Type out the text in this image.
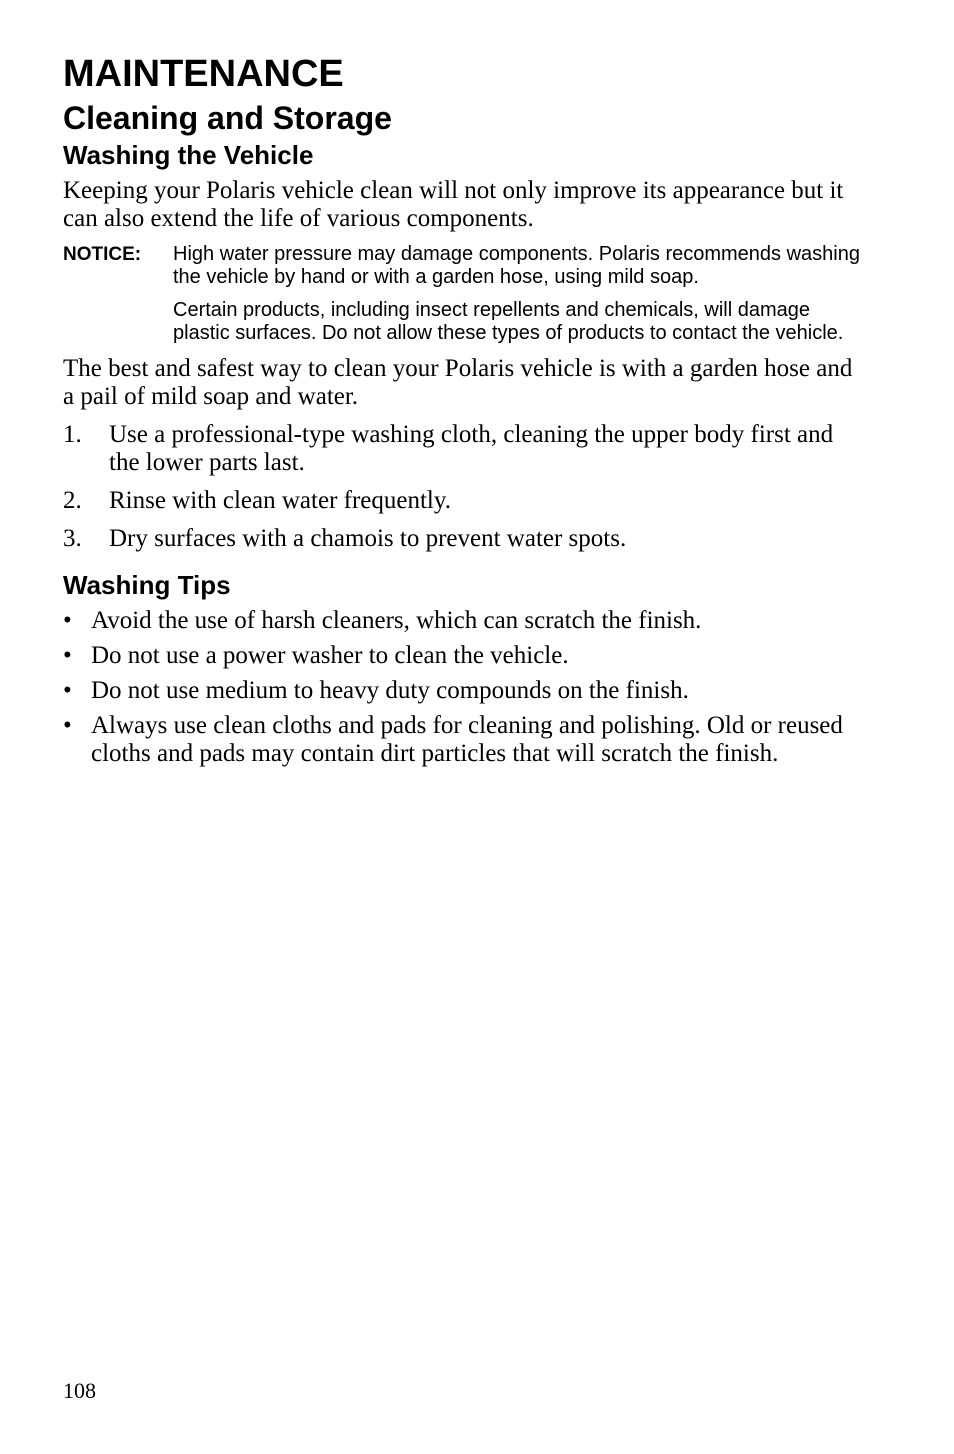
MAINTENANCE
Cleaning and Storage
Washing the Vehicle

Keeping your Polaris vehicle clean will not only improve its appearance but it can also extend the life of various components.

NOTICE:	High water pressure may damage components. Polaris recommends washing the vehicle by hand or with a garden hose, using mild soap.

Certain products, including insect repellents and chemicals, will damage plastic surfaces. Do not allow these types of products to contact the vehicle.

The best and safest way to clean your Polaris vehicle is with a garden hose and a pail of mild soap and water.

1.	Use a professional-type washing cloth, cleaning the upper body first and the lower parts last.
2.	Rinse with clean water frequently.
3.	Dry surfaces with a chamois to prevent water spots.
Washing Tips
• Avoid the use of harsh cleaners, which can scratch the finish.
• Do not use a power washer to clean the vehicle.
• Do not use medium to heavy duty compounds on the finish.
• Always use clean cloths and pads for cleaning and polishing. Old or reused cloths and pads may contain dirt particles that will scratch the finish.
108
